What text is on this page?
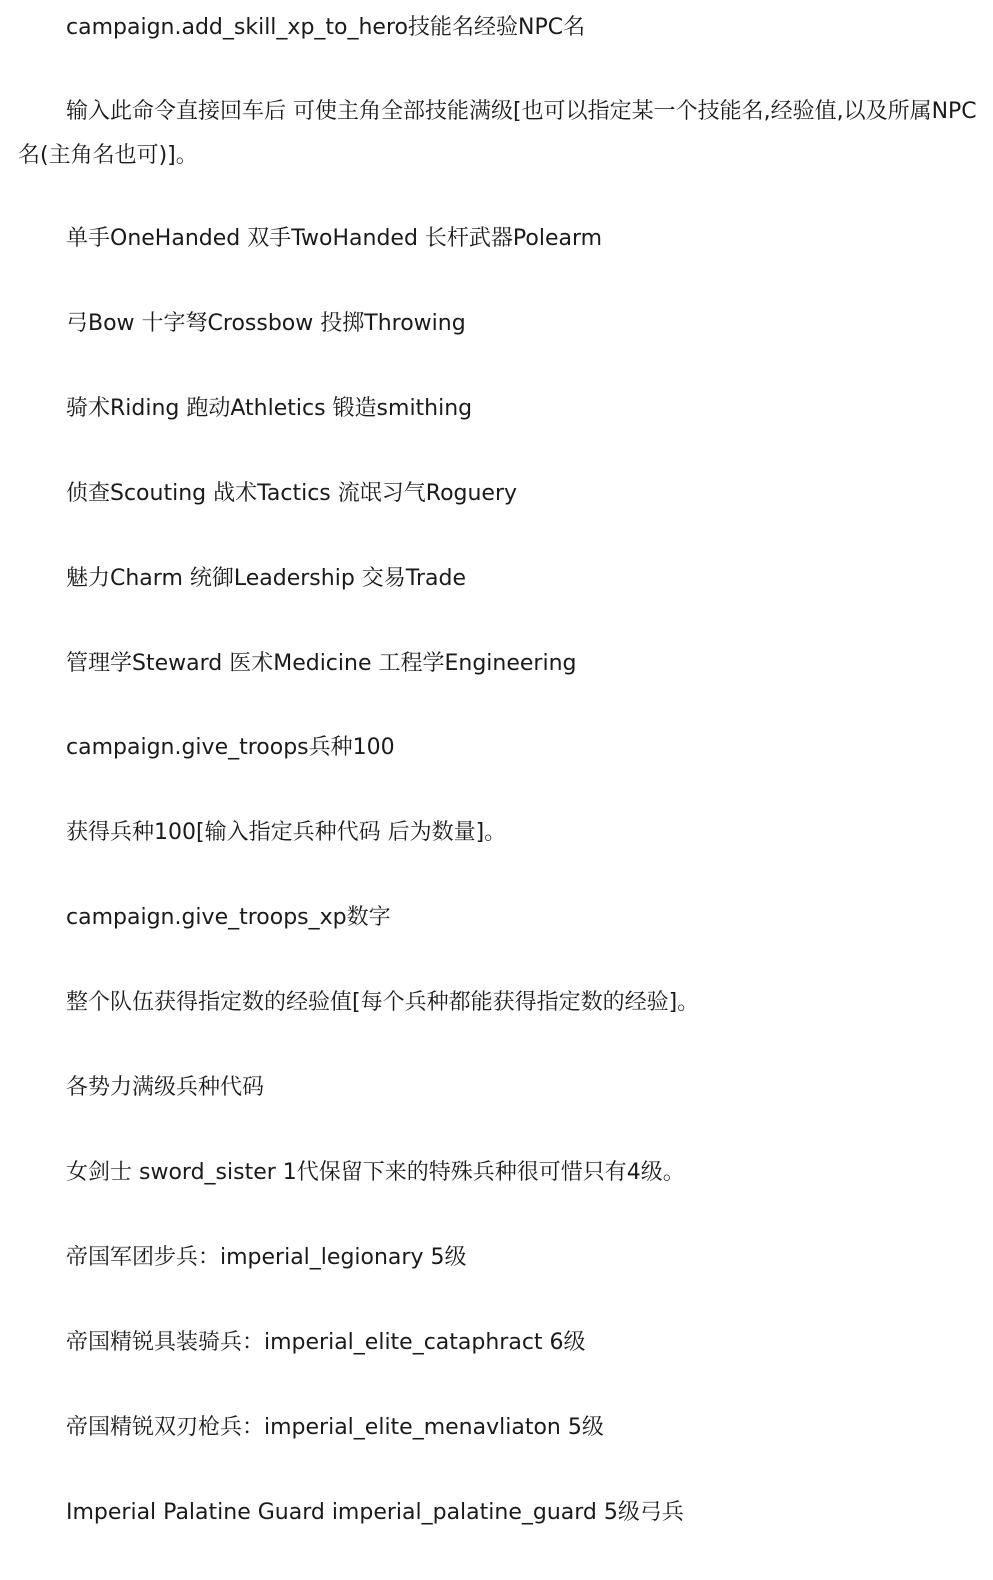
campaign.add_skill_xp_to_hero技能名经验NPC名

输入此命令直接回车后 可使主角全部技能满级[也可以指定某一个技能名,经验值,以及所属NPC名(主角名也可)]。

单手OneHanded 双手TwoHanded 长杆武器Polearm

弓Bow 十字弩Crossbow 投掷Throwing

骑术Riding 跑动Athletics 锻造smithing

侦查Scouting 战术Tactics 流氓习气Roguery

魅力Charm 统御Leadership 交易Trade

管理学Steward 医术Medicine 工程学Engineering

campaign.give_troops兵种100

获得兵种100[输入指定兵种代码 后为数量]。

campaign.give_troops_xp数字

整个队伍获得指定数的经验值[每个兵种都能获得指定数的经验]。

各势力满级兵种代码

女剑士 sword_sister 1代保留下来的特殊兵种很可惜只有4级。

帝国军团步兵：imperial_legionary 5级

帝国精锐具装骑兵：imperial_elite_cataphract 6级

帝国精锐双刃枪兵：imperial_elite_menavliaton 5级

Imperial Palatine Guard imperial_palatine_guard 5级弓兵
